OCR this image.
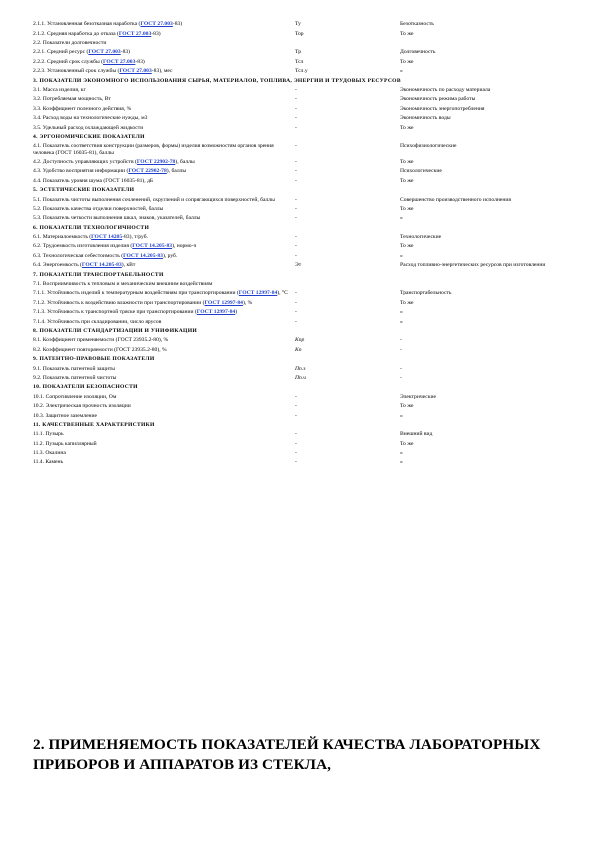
2.1.1. Установленная безотказная наработка (ГОСТ 27.003-83)	Ту	Безотказность
2.1.2. Средняя наработка до отказа (ГОСТ 27.003-83)	Тор	То же
2.2. Показатели долговечности		
2.2.1. Средний ресурс (ГОСТ 27.003-83)	Тр	Долговечность
2.2.2. Средний срок службы (ГОСТ 27.003-83)	Тсл	То же
2.2.3. Установленный срок службы (ГОСТ 27.003-83), мес	Тсл.у	»
3. ПОКАЗАТЕЛИ ЭКОНОМНОГО ИСПОЛЬЗОВАНИЯ СЫРЬЯ, МАТЕРИАЛОВ, ТОПЛИВА, ЭНЕРГИИ И ТРУДОВЫХ РЕСУРСОВ		
3.1. Масса изделия, кг	-	Экономичность по расходу материала
3.2. Потребляемая мощность, Вт	-	Экономичность режима работы
3.3. Коэффициент полезного действия, %	-	Экономичность энергопотребления
3.4. Расход воды на технологические нужды, м3	-	Экономичность воды
3.5. Удельный расход охлаждающей жидкости	-	То же
4. ЭРГОНОМИЧЕСКИЕ ПОКАЗАТЕЛИ		
4.1. Показатель соответствия конструкции (размеров, формы) изделия возможностям органов зрения человека (ГОСТ 16035-81), баллы	-	Психофизиологические
4.2. Доступность управляющих устройств (ГОСТ 22902-78), баллы	-	То же
4.3. Удобство восприятия информации (ГОСТ 22902-78), баллы	-	Психологические
4.4. Показатель уровня шума (ГОСТ 16035-81), дБ	-	То же
5. ЭСТЕТИЧЕСКИЕ ПОКАЗАТЕЛИ		
5.1. Показатель чистоты выполнения сочленений, скруглений и сопрягающихся поверхностей, баллы	-	Совершенство производственного исполнения
5.2. Показатель качества отделки поверхностей, баллы	-	То же
5.3. Показатель четкости выполнения шкал, знаков, указателей, баллы	-	»
6. ПОКАЗАТЕЛИ ТЕХНОЛОГИЧНОСТИ		
6.1. Материалоемкость (ГОСТ 14205-83), т/руб.	-	Технологические
6.2. Трудоемкость изготовления изделия (ГОСТ 14.205-83), нормо-ч	-	То же
6.3. Технологическая себестоимость (ГОСТ 14.205-83), руб.	-	»
6.4. Энергоемкость (ГОСТ 14.205-83), кВт	Эт	Расход топливно-энергетических ресурсов при изготовлении
7. ПОКАЗАТЕЛИ ТРАНСПОРТАБЕЛЬНОСТИ		
7.1. Восприимчивость к тепловым и механическим внешним воздействиям		
7.1.1. Устойчивость изделий к температурным воздействиям при транспортировании (ГОСТ 12997-84), °С	-	Транспортабельность
7.1.2. Устойчивость к воздействию влажности при транспортировании (ГОСТ 12997-84), %	-	То же
7.1.3. Устойчивость к транспортной тряске при транспортировании (ГОСТ 12997-84)	-	»
7.1.4. Устойчивость при складировании, число ярусов	-	»
8. ПОКАЗАТЕЛИ СТАНДАРТИЗАЦИИ И УНИФИКАЦИИ		
8.1. Коэффициент применяемости (ГОСТ 23935.2-80), %	Кпр	-
8.2. Коэффициент повторяемости (ГОСТ 23935.2-80), %	Кп	-
9. ПАТЕНТНО-ПРАВОВЫЕ ПОКАЗАТЕЛИ		
9.1. Показатель патентной защиты	Пп.з	-
9.2. Показатель патентной чистоты	Пп.ч	-
10. ПОКАЗАТЕЛИ БЕЗОПАСНОСТИ		
10.1. Сопротивление изоляции, Ом	-	Электрические
10.2. Электрическая прочность изоляции	-	То же
10.3. Защитное заземление	-	»
11. КАЧЕСТВЕННЫЕ ХАРАКТЕРИСТИКИ		
11.1. Пузырь	-	Внешний вид
11.2. Пузырь капиллярный	-	То же
11.3. Окалина	-	»
11.4. Камень	-	»
2. ПРИМЕНЯЕМОСТЬ ПОКАЗАТЕЛЕЙ КАЧЕСТВА ЛАБОРАТОРНЫХ ПРИБОРОВ И АППАРАТОВ ИЗ СТЕКЛА,
